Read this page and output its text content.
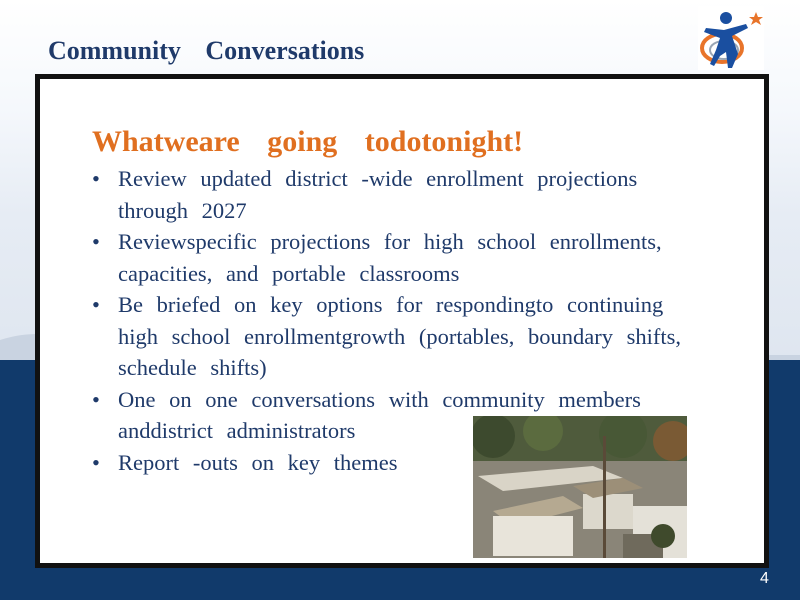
Community Conversations
Whatweare going todotonight!
• Review updated district -wide enrollment projections through 2027
• Reviewspecific projections for high school enrollments, capacities, and portable classrooms
• Be briefed on key options for respondingto continuing high school enrollmentgrowth (portables, boundary shifts, schedule shifts)
• One on one conversations with community members anddistrict administrators
• Report -outs on key themes
4
